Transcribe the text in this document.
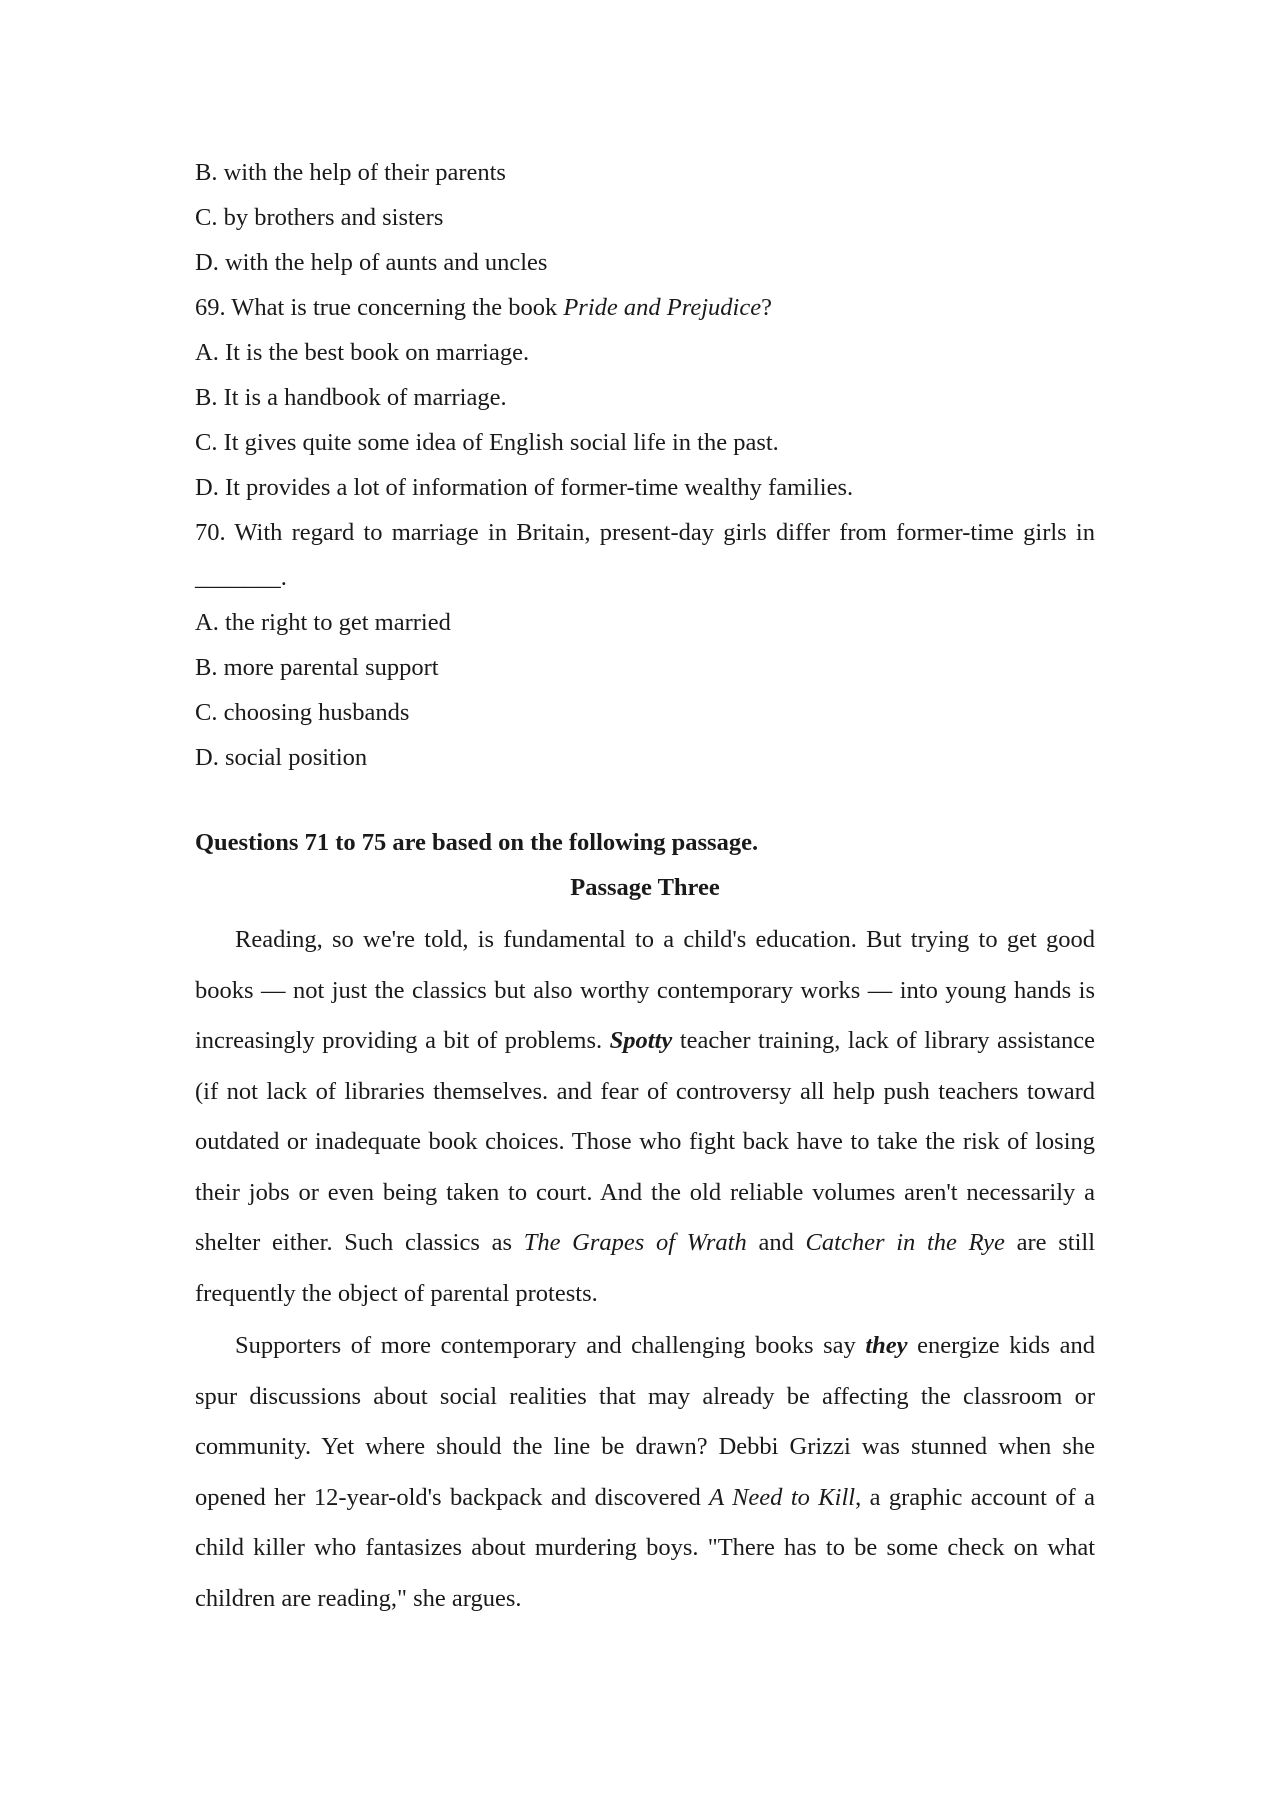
B. with the help of their parents

C. by brothers and sisters

D. with the help of aunts and uncles

69. What is true concerning the book Pride and Prejudice?

A. It is the best book on marriage.

B. It is a handbook of marriage.

C. It gives quite some idea of English social life in the past.

D. It provides a lot of information of former-time wealthy families.

70. With regard to marriage in Britain, present-day girls differ from former-time girls in _______.

A. the right to get married

B. more parental support

C. choosing husbands

D. social position

Questions 71 to 75 are based on the following passage.

Passage Three

Reading, so we're told, is fundamental to a child's education. But trying to get good books — not just the classics but also worthy contemporary works — into young hands is increasingly providing a bit of problems. Spotty teacher training, lack of library assistance (if not lack of libraries themselves. and fear of controversy all help push teachers toward outdated or inadequate book choices. Those who fight back have to take the risk of losing their jobs or even being taken to court. And the old reliable volumes aren't necessarily a shelter either. Such classics as The Grapes of Wrath and Catcher in the Rye are still frequently the object of parental protests.

Supporters of more contemporary and challenging books say they energize kids and spur discussions about social realities that may already be affecting the classroom or community. Yet where should the line be drawn? Debbi Grizzi was stunned when she opened her 12-year-old's backpack and discovered A Need to Kill, a graphic account of a child killer who fantasizes about murdering boys. "There has to be some check on what children are reading," she argues.
